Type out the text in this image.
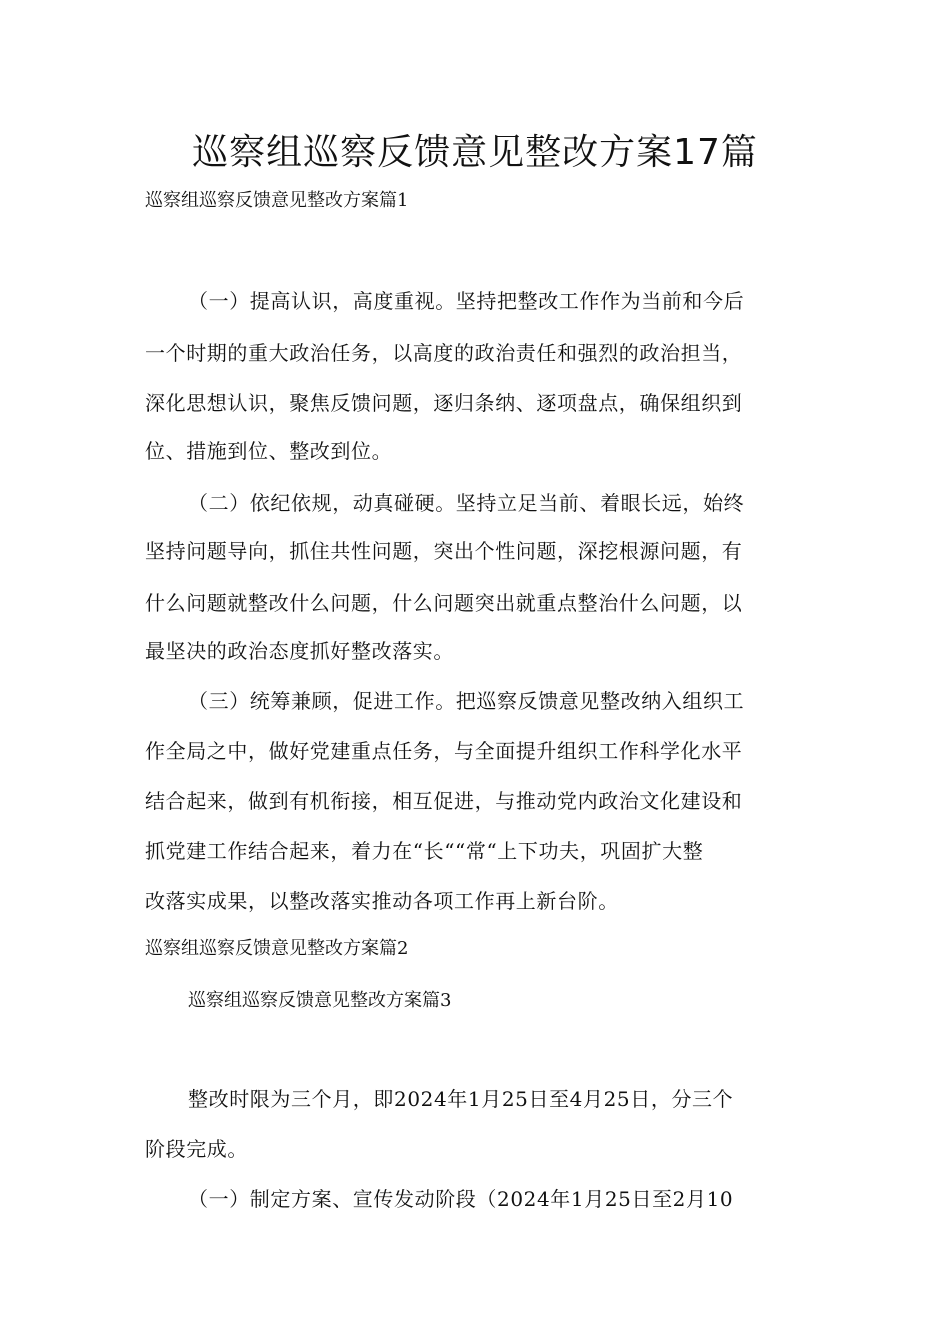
巡察组巡察反馈意见整改方案17篇

巡察组巡察反馈意见整改方案篇1

（一）提高认识，高度重视。坚持把整改工作作为当前和今后

一个时期的重大政治任务，以高度的政治责任和强烈的政治担当，

深化思想认识，聚焦反馈问题，逐归条纳、逐项盘点，确保组织到

位、措施到位、整改到位。

（二）依纪依规，动真碰硬。坚持立足当前、着眼长远，始终

坚持问题导向，抓住共性问题，突出个性问题，深挖根源问题，有

什么问题就整改什么问题，什么问题突出就重点整治什么问题，以

最坚决的政治态度抓好整改落实。

（三）统筹兼顾，促进工作。把巡察反馈意见整改纳入组织工

作全局之中，做好党建重点任务，与全面提升组织工作科学化水平

结合起来，做到有机衔接，相互促进，与推动党内政治文化建设和

抓党建工作结合起来，着力在“长““常“上下功夫，巩固扩大整

改落实成果，以整改落实推动各项工作再上新台阶。

巡察组巡察反馈意见整改方案篇2

巡察组巡察反馈意见整改方案篇3

整改时限为三个月，即2024年1月25日至4月25日，分三个

阶段完成。

（一）制定方案、宣传发动阶段（2024年1月25日至2月10
